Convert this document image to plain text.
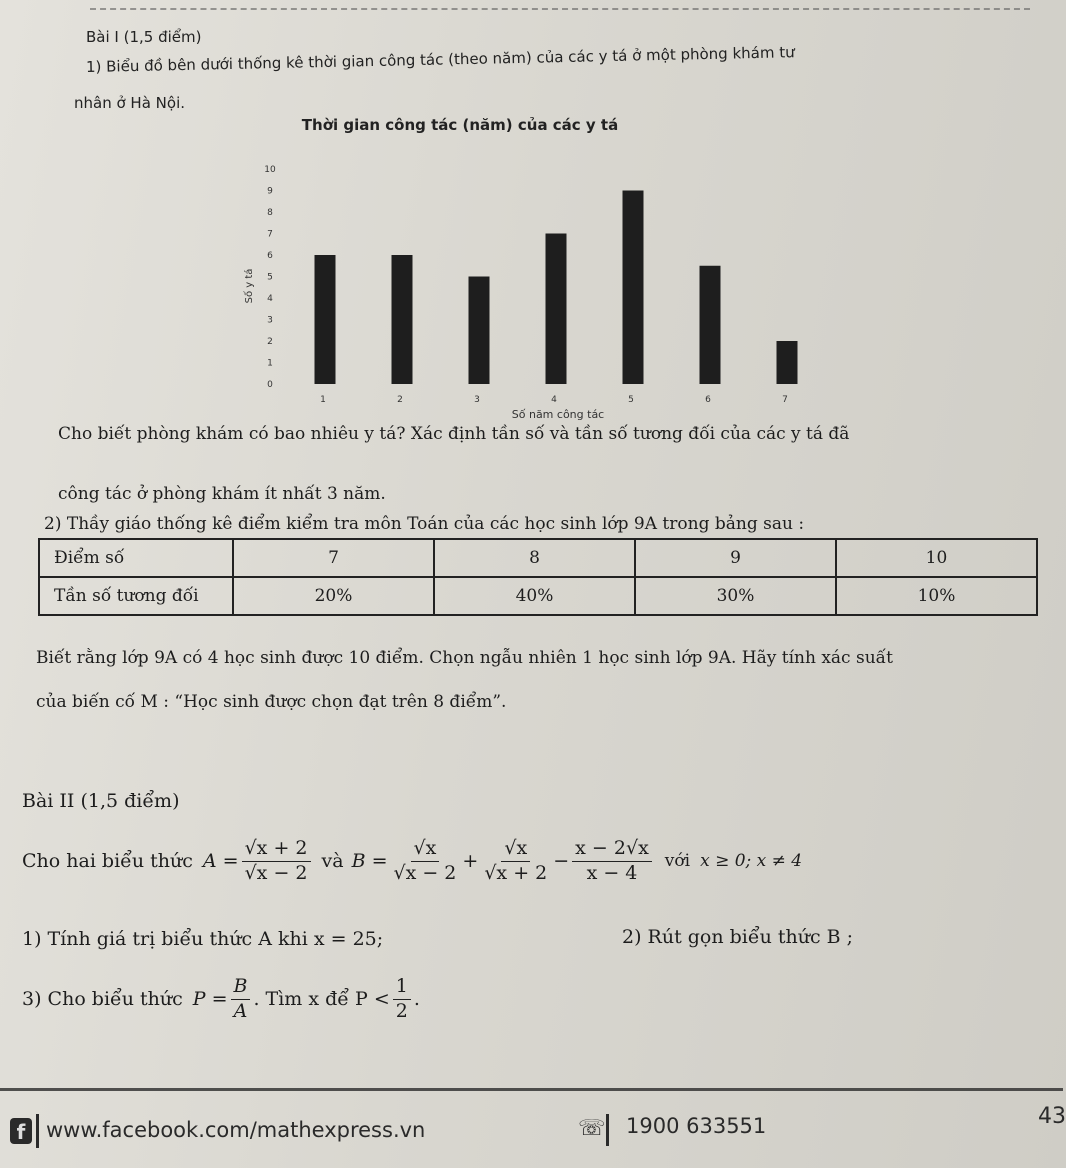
Bài I (1,5 điểm)
1) Biểu đồ bên dưới thống kê thời gian công tác (theo năm) của các y tá ở một phòng khám tư
nhân ở Hà Nội.
Thời gian công tác (năm) của các y tá
Số y tá
Số năm công tác
0
1
2
3
4
5
6
7
8
9
10
1	2	3	4	5	6	7
Cho biết phòng khám có bao nhiêu y tá? Xác định tần số và tần số tương đối của các y tá đã
công tác ở phòng khám ít nhất 3 năm.
2) Thầy giáo thống kê điểm kiểm tra môn Toán của các học sinh lớp 9A trong bảng sau :
Điểm số	7	8	9	10
Tần số tương đối	20%	40%	30%	10%
Biết rằng lớp 9A có 4 học sinh được 10 điểm. Chọn ngẫu nhiên 1 học sinh lớp 9A. Hãy tính xác suất
của biến cố M : “Học sinh được chọn đạt trên 8 điểm”.
Bài II (1,5 điểm)
Cho hai biểu thức $A = \frac{√x + 2}{√x - 2}$ và $B = \frac{√x}{√x - 2} + \frac{√x}{√x + 2} - \frac{x - 2√x}{x - 4}$ với x ≥ 0; x ≠ 4
1) Tính giá trị biểu thức A khi x = 25;	2) Rút gọn biểu thức B ;
3) Cho biểu thức $P = \frac{B}{A}$ . Tìm x để $P < \frac{1}{2}$ .
f www.facebook.com/mathexpress.vn	☏ 1900 633551	43
